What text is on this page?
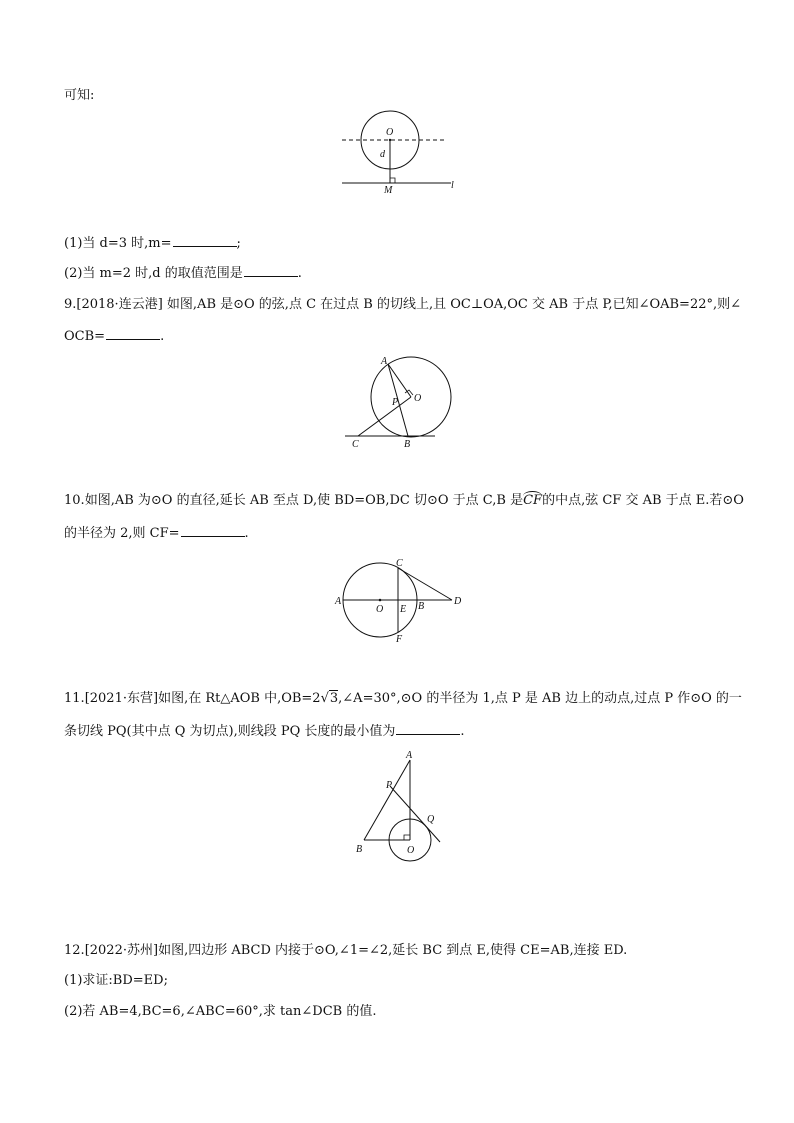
可知:
O
d
M	l
(1)当 d=3 时,m=	;
(2)当 m=2 时,d 的取值范围是	.
9.[2018·连云港] 如图,AB 是⊙O 的弦,点 C 在过点 B 的切线上,且 OC⊥OA,OC 交 AB 于点 P,已知∠OAB=22°,则∠
OCB=	.
A
O
P
C	B
10.如图,AB 为⊙O 的直径,延长 AB 至点 D,使 BD=OB,DC 切⊙O 于点 C,B 是CF的中点,弦 CF 交 AB 于点 E.若⊙O
的半径为 2,则 CF=	.
A
O E B	D
C
F
11.[2021·东营]如图,在 Rt△AOB 中,OB=2√3,∠A=30°,⊙O 的半径为 1,点 P 是 AB 边上的动点,过点 P 作⊙O 的一
条切线 PQ(其中点 Q 为切点),则线段 PQ 长度的最小值为	.
A
P
Q
B	O
12.[2022·苏州]如图,四边形 ABCD 内接于⊙O,∠1=∠2,延长 BC 到点 E,使得 CE=AB,连接 ED.
(1)求证:BD=ED;
(2)若 AB=4,BC=6,∠ABC=60°,求 tan∠DCB 的值.
